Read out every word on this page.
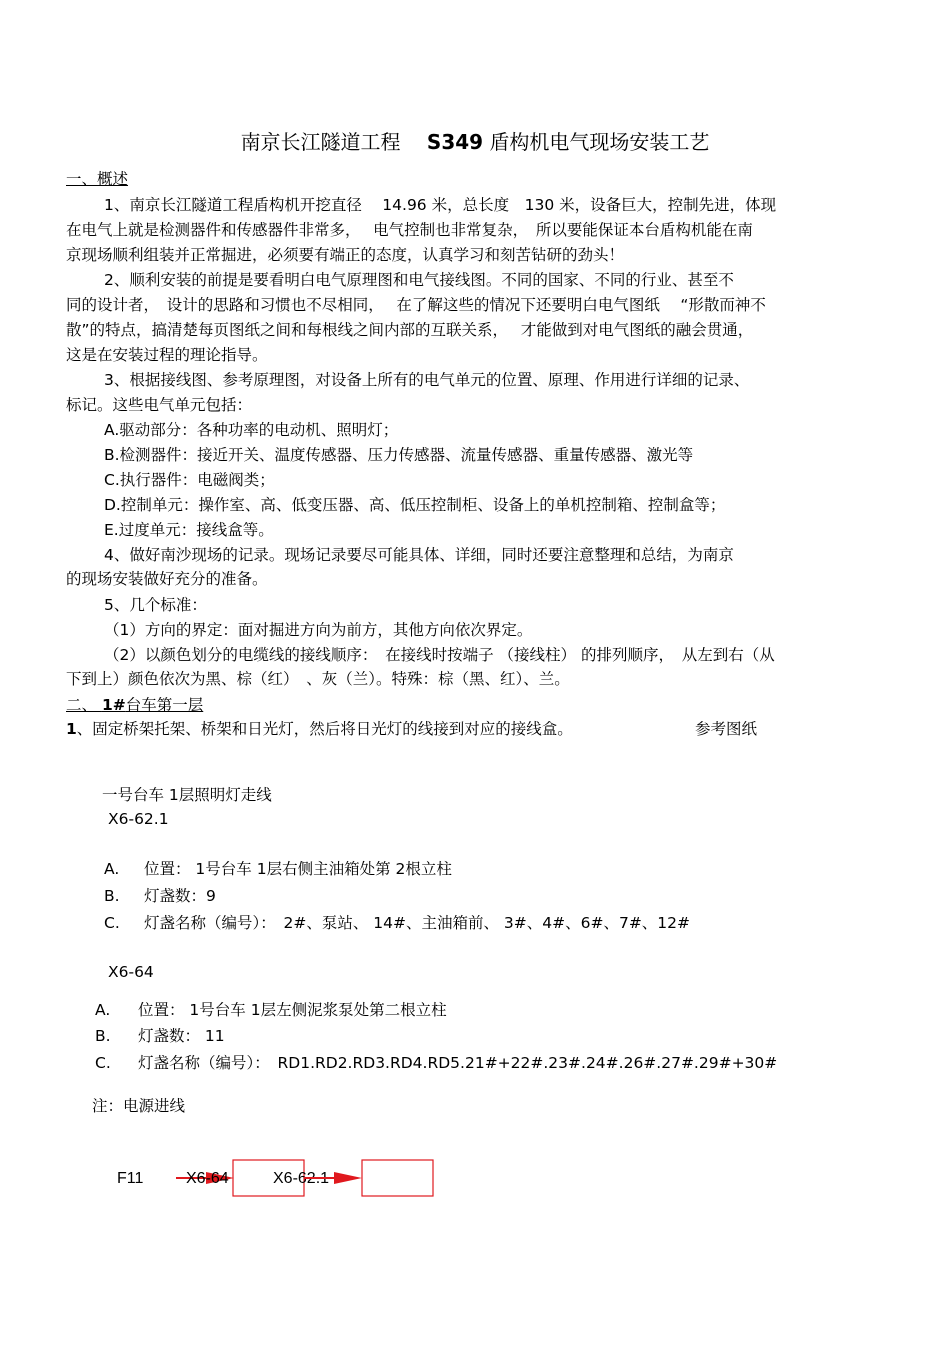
南京长江隧道工程　 S349 盾构机电气现场安装工艺
一、概述
1、南京长江隧道工程盾构机开挖直径　 14.96 米，总长度　130 米，设备巨大，控制先进，体现
在电气上就是检测器件和传感器件非常多，　 电气控制也非常复杂，　所以要能保证本台盾构机能在南
京现场顺利组装并正常掘进，必须要有端正的态度，认真学习和刻苦钻研的劲头！
2、顺利安装的前提是要看明白电气原理图和电气接线图。不同的国家、不同的行业、甚至不
同的设计者，　设计的思路和习惯也不尽相同，　 在了解这些的情况下还要明白电气图纸　 “形散而神不
散”的特点，搞清楚每页图纸之间和每根线之间内部的互联关系，　 才能做到对电气图纸的融会贯通，
这是在安装过程的理论指导。
3、根据接线图、参考原理图，对设备上所有的电气单元的位置、原理、作用进行详细的记录、
标记。这些电气单元包括：
A.驱动部分：各种功率的电动机、照明灯；
B.检测器件：接近开关、温度传感器、压力传感器、流量传感器、重量传感器、激光等
C.执行器件：电磁阀类；
D.控制单元：操作室、高、低变压器、高、低压控制柜、设备上的单机控制箱、控制盒等；
E.过度单元：接线盒等。
4、做好南沙现场的记录。现场记录要尽可能具体、详细，同时还要注意整理和总结，为南京
的现场安装做好充分的准备。
5、几个标准：
（1）方向的界定：面对掘进方向为前方，其他方向依次界定。
（2）以颜色划分的电缆线的接线顺序：　在接线时按端子 （接线柱） 的排列顺序，　从左到右（从
下到上）颜色依次为黑、棕（红）　、灰（兰）。特殊：棕（黑、红）、兰。
二、 1#台车第一层
1、固定桥架托架、桥架和日光灯，然后将日光灯的线接到对应的接线盒。	参考图纸
一号台车 1层照明灯走线
X6-62.1
A. 位置： 1号台车 1层右侧主油箱处第 2根立柱
B. 灯盏数：9
C. 灯盏名称（编号）：　2#、泵站、 14#、主油箱前、 3#、4#、6#、7#、12#
X6-64
A. 位置： 1号台车 1层左侧泥浆泵处第二根立柱
B. 灯盏数： 11
C. 灯盏名称（编号）：　RD1.RD2.RD3.RD4.RD5.21#+22#.23#.24#.26#.27#.29#+30#
注：电源进线
F11	X6-64	X6-62.1
